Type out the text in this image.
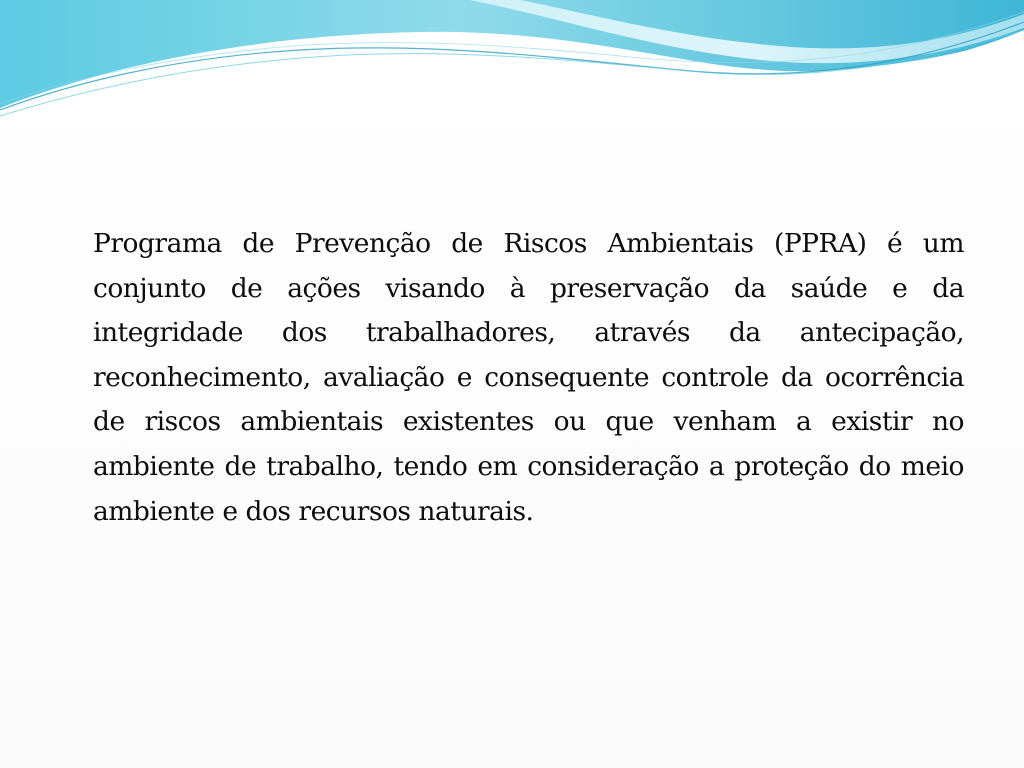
Programa de Prevenção de Riscos Ambientais (PPRA) é um conjunto de ações visando à preservação da saúde e da integridade dos trabalhadores, através da antecipação, reconhecimento, avaliação e consequente controle da ocorrência de riscos ambientais existentes ou que venham a existir no ambiente de trabalho, tendo em consideração a proteção do meio ambiente e dos recursos naturais.
